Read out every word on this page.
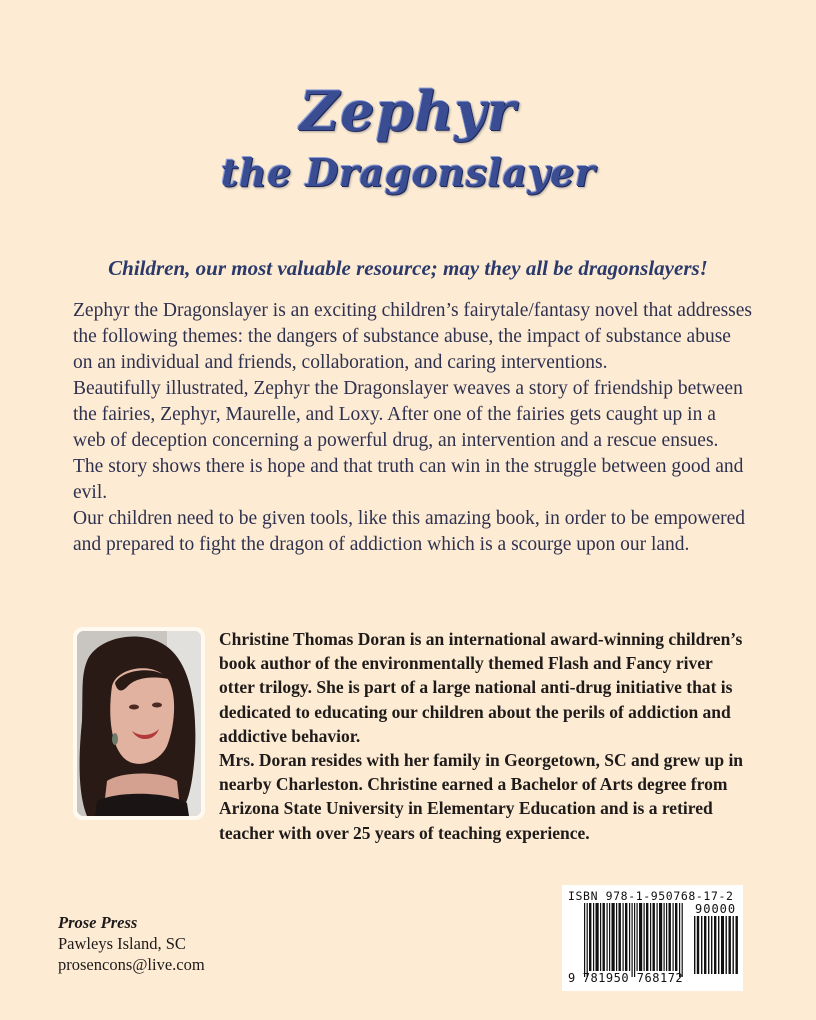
Zephyr
the Dragonslayer
Children, our most valuable resource; may they all be dragonslayers!

Zephyr the Dragonslayer is an exciting children’s fairytale/fantasy novel that addresses the following themes: the dangers of substance abuse, the impact of substance abuse on an individual and friends, collaboration, and caring interventions.

Beautifully illustrated, Zephyr the Dragonslayer weaves a story of friendship between the fairies, Zephyr, Maurelle, and Loxy. After one of the fairies gets caught up in a web of deception concerning a powerful drug, an intervention and a rescue ensues. The story shows there is hope and that truth can win in the struggle between good and evil.

Our children need to be given tools, like this amazing book, in order to be empowered and prepared to fight the dragon of addiction which is a scourge upon our land.

Christine Thomas Doran is an international award-winning children’s book author of the environmentally themed Flash and Fancy river otter trilogy. She is part of a large national anti-drug initiative that is dedicated to educating our children about the perils of addiction and addictive behavior.

Mrs. Doran resides with her family in Georgetown, SC and grew up in nearby Charleston. Christine earned a Bachelor of Arts degree from Arizona State University in Elementary Education and is a retired teacher with over 25 years of teaching experience.

Prose Press
Pawleys Island, SC
prosencons@live.com
ISBN 978-1-950768-17-2
90000
9 781950 768172
